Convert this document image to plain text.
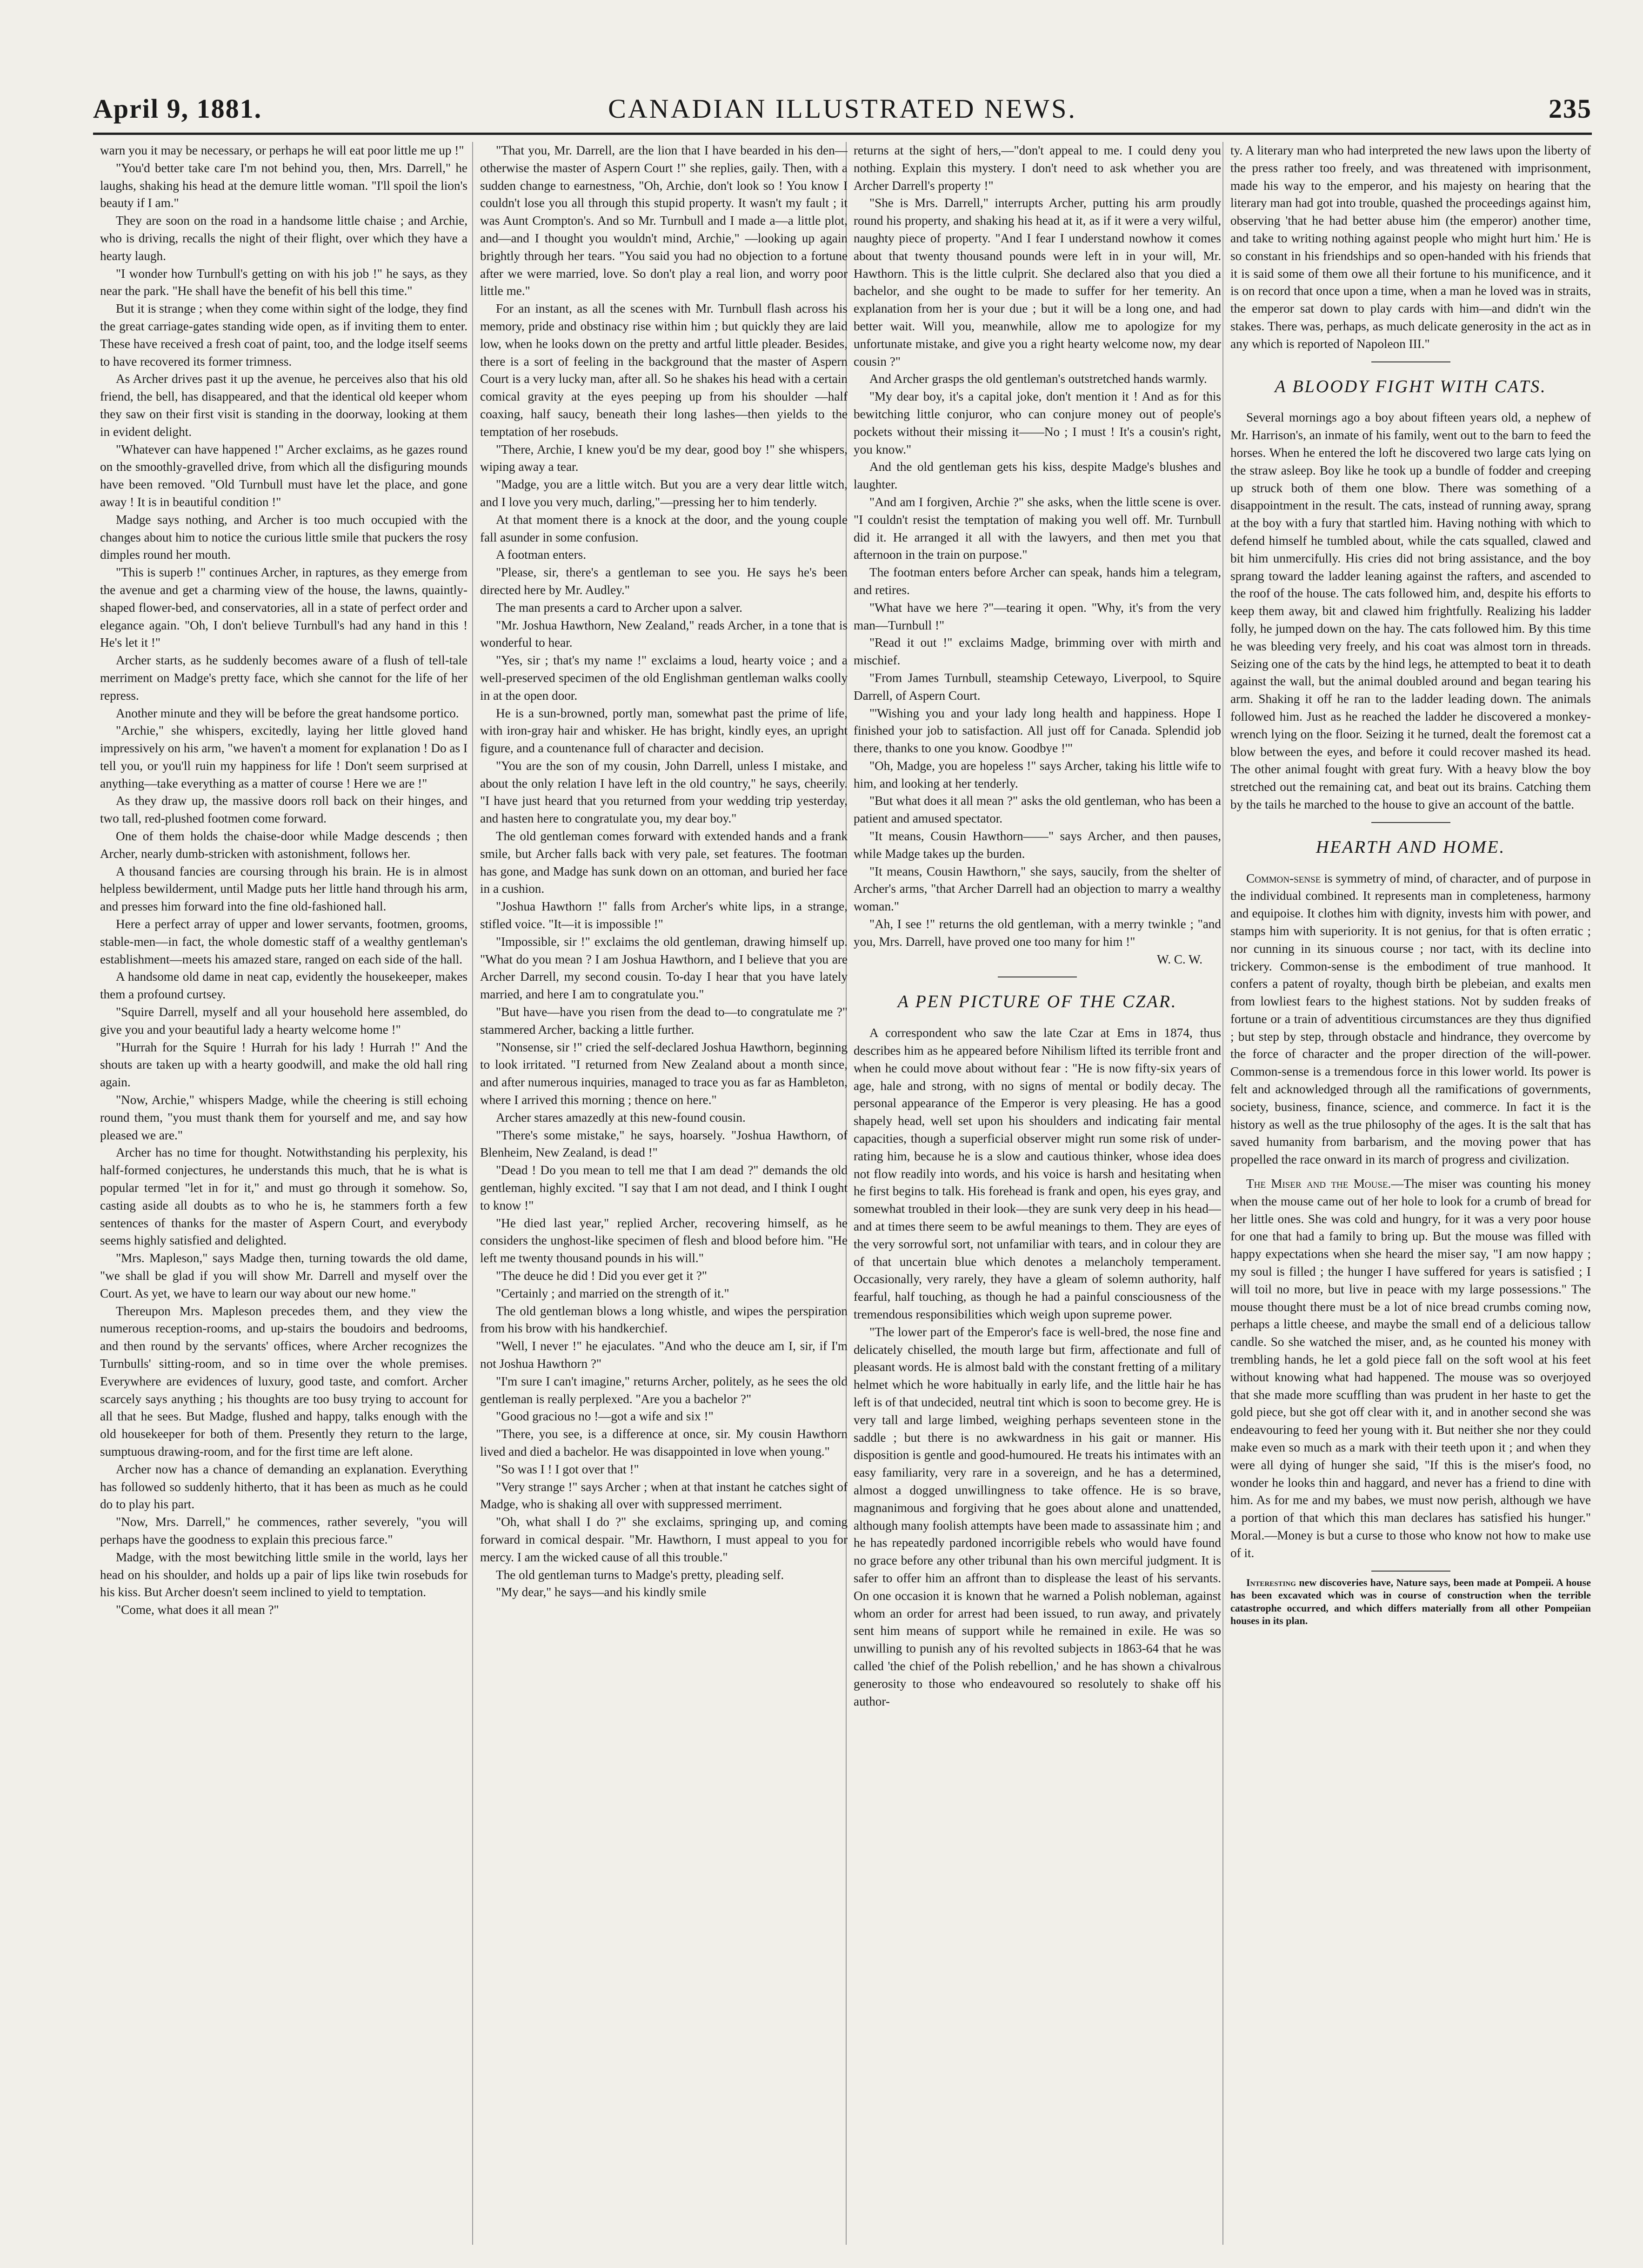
April 9, 1881.	CANADIAN ILLUSTRATED NEWS.	235

warn you it may be necessary, or perhaps he will eat poor little me up !"

"You'd better take care I'm not behind you, then, Mrs. Darrell," he laughs, shaking his head at the demure little woman. "I'll spoil the lion's beauty if I am."

They are soon on the road in a handsome little chaise ; and Archie, who is driving, recalls the night of their flight, over which they have a hearty laugh.

"I wonder how Turnbull's getting on with his job !" he says, as they near the park. "He shall have the benefit of his bell this time."

But it is strange ; when they come within sight of the lodge, they find the great carriage-gates standing wide open, as if inviting them to enter. These have received a fresh coat of paint, too, and the lodge itself seems to have recovered its former trimness.

As Archer drives past it up the avenue, he perceives also that his old friend, the bell, has disappeared, and that the identical old keeper whom they saw on their first visit is standing in the doorway, looking at them in evident delight.

"Whatever can have happened !" Archer exclaims, as he gazes round on the smoothly-gravelled drive, from which all the disfiguring mounds have been removed. "Old Turnbull must have let the place, and gone away ! It is in beautiful condition !"

Madge says nothing, and Archer is too much occupied with the changes about him to notice the curious little smile that puckers the rosy dimples round her mouth.

"This is superb !" continues Archer, in raptures, as they emerge from the avenue and get a charming view of the house, the lawns, quaintly-shaped flower-bed, and conservatories, all in a state of perfect order and elegance again. "Oh, I don't believe Turnbull's had any hand in this ! He's let it !"

Archer starts, as he suddenly becomes aware of a flush of tell-tale merriment on Madge's pretty face, which she cannot for the life of her repress.

Another minute and they will be before the great handsome portico.

"Archie," she whispers, excitedly, laying her little gloved hand impressively on his arm, "we haven't a moment for explanation ! Do as I tell you, or you'll ruin my happiness for life ! Don't seem surprised at anything—take everything as a matter of course ! Here we are !"

As they draw up, the massive doors roll back on their hinges, and two tall, red-plushed footmen come forward.

One of them holds the chaise-door while Madge descends ; then Archer, nearly dumb-stricken with astonishment, follows her.

A thousand fancies are coursing through his brain. He is in almost helpless bewilderment, until Madge puts her little hand through his arm, and presses him forward into the fine old-fashioned hall.

Here a perfect array of upper and lower servants, footmen, grooms, stable-men—in fact, the whole domestic staff of a wealthy gentleman's establishment—meets his amazed stare, ranged on each side of the hall.

A handsome old dame in neat cap, evidently the housekeeper, makes them a profound curtsey.

"Squire Darrell, myself and all your household here assembled, do give you and your beautiful lady a hearty welcome home !"

"Hurrah for the Squire ! Hurrah for his lady ! Hurrah !" And the shouts are taken up with a hearty goodwill, and make the old hall ring again.

"Now, Archie," whispers Madge, while the cheering is still echoing round them, "you must thank them for yourself and me, and say how pleased we are."

Archer has no time for thought. Notwithstanding his perplexity, his half-formed conjectures, he understands this much, that he is what is popular termed "let in for it," and must go through it somehow. So, casting aside all doubts as to who he is, he stammers forth a few sentences of thanks for the master of Aspern Court, and everybody seems highly satisfied and delighted.

"Mrs. Mapleson," says Madge then, turning towards the old dame, "we shall be glad if you will show Mr. Darrell and myself over the Court. As yet, we have to learn our way about our new home."

Thereupon Mrs. Mapleson precedes them, and they view the numerous reception-rooms, and up-stairs the boudoirs and bedrooms, and then round by the servants' offices, where Archer recognizes the Turnbulls' sitting-room, and so in time over the whole premises. Everywhere are evidences of luxury, good taste, and comfort. Archer scarcely says anything ; his thoughts are too busy trying to account for all that he sees. But Madge, flushed and happy, talks enough with the old housekeeper for both of them. Presently they return to the large, sumptuous drawing-room, and for the first time are left alone.

Archer now has a chance of demanding an explanation. Everything has followed so suddenly hitherto, that it has been as much as he could do to play his part.

"Now, Mrs. Darrell," he commences, rather severely, "you will perhaps have the goodness to explain this precious farce."

Madge, with the most bewitching little smile in the world, lays her head on his shoulder, and holds up a pair of lips like twin rosebuds for his kiss. But Archer doesn't seem inclined to yield to temptation.

"Come, what does it all mean ?"

"That you, Mr. Darrell, are the lion that I have bearded in his den—otherwise the master of Aspern Court !" she replies, gaily. Then, with a sudden change to earnestness, "Oh, Archie, don't look so ! You know I couldn't lose you all through this stupid property. It wasn't my fault ; it was Aunt Crompton's. And so Mr. Turnbull and I made a—a little plot, and—and I thought you wouldn't mind, Archie," —looking up again brightly through her tears. "You said you had no objection to a fortune after we were married, love. So don't play a real lion, and worry poor little me."

For an instant, as all the scenes with Mr. Turnbull flash across his memory, pride and obstinacy rise within him ; but quickly they are laid low, when he looks down on the pretty and artful little pleader. Besides, there is a sort of feeling in the background that the master of Aspern Court is a very lucky man, after all. So he shakes his head with a certain comical gravity at the eyes peeping up from his shoulder —half coaxing, half saucy, beneath their long lashes—then yields to the temptation of her rosebuds.

"There, Archie, I knew you'd be my dear, good boy !" she whispers, wiping away a tear.

"Madge, you are a little witch. But you are a very dear little witch, and I love you very much, darling,"—pressing her to him tenderly.

At that moment there is a knock at the door, and the young couple fall asunder in some confusion.

A footman enters.

"Please, sir, there's a gentleman to see you. He says he's been directed here by Mr. Audley."

The man presents a card to Archer upon a salver.

"Mr. Joshua Hawthorn, New Zealand," reads Archer, in a tone that is wonderful to hear.

"Yes, sir ; that's my name !" exclaims a loud, hearty voice ; and a well-preserved specimen of the old Englishman gentleman walks coolly in at the open door.

He is a sun-browned, portly man, somewhat past the prime of life, with iron-gray hair and whisker. He has bright, kindly eyes, an upright figure, and a countenance full of character and decision.

"You are the son of my cousin, John Darrell, unless I mistake, and about the only relation I have left in the old country," he says, cheerily. "I have just heard that you returned from your wedding trip yesterday, and hasten here to congratulate you, my dear boy."

The old gentleman comes forward with extended hands and a frank smile, but Archer falls back with very pale, set features. The footman has gone, and Madge has sunk down on an ottoman, and buried her face in a cushion.

"Joshua Hawthorn !" falls from Archer's white lips, in a strange, stifled voice. "It—it is impossible !"

"Impossible, sir !" exclaims the old gentleman, drawing himself up. "What do you mean ? I am Joshua Hawthorn, and I believe that you are Archer Darrell, my second cousin. To-day I hear that you have lately married, and here I am to congratulate you."

"But have—have you risen from the dead to—to congratulate me ?" stammered Archer, backing a little further.

"Nonsense, sir !" cried the self-declared Joshua Hawthorn, beginning to look irritated. "I returned from New Zealand about a month since, and after numerous inquiries, managed to trace you as far as Hambleton, where I arrived this morning ; thence on here."

Archer stares amazedly at this new-found cousin.

"There's some mistake," he says, hoarsely. "Joshua Hawthorn, of Blenheim, New Zealand, is dead !"

"Dead ! Do you mean to tell me that I am dead ?" demands the old gentleman, highly excited. "I say that I am not dead, and I think I ought to know !"

"He died last year," replied Archer, recovering himself, as he considers the unghost-like specimen of flesh and blood before him. "He left me twenty thousand pounds in his will."

"The deuce he did ! Did you ever get it ?"

"Certainly ; and married on the strength of it."

The old gentleman blows a long whistle, and wipes the perspiration from his brow with his handkerchief.

"Well, I never !" he ejaculates. "And who the deuce am I, sir, if I'm not Joshua Hawthorn ?"

"I'm sure I can't imagine," returns Archer, politely, as he sees the old gentleman is really perplexed. "Are you a bachelor ?"

"Good gracious no !—got a wife and six !"

"There, you see, is a difference at once, sir. My cousin Hawthorn lived and died a bachelor. He was disappointed in love when young."

"So was I ! I got over that !"

"Very strange !" says Archer ; when at that instant he catches sight of Madge, who is shaking all over with suppressed merriment.

"Oh, what shall I do ?" she exclaims, springing up, and coming forward in comical despair. "Mr. Hawthorn, I must appeal to you for mercy. I am the wicked cause of all this trouble."

The old gentleman turns to Madge's pretty, pleading self.

"My dear," he says—and his kindly smile

returns at the sight of hers,—"don't appeal to me. I could deny you nothing. Explain this mystery. I don't need to ask whether you are Archer Darrell's property !"

"She is Mrs. Darrell," interrupts Archer, putting his arm proudly round his property, and shaking his head at it, as if it were a very wilful, naughty piece of property. "And I fear I understand nowhow it comes about that twenty thousand pounds were left in in your will, Mr. Hawthorn. This is the little culprit. She declared also that you died a bachelor, and she ought to be made to suffer for her temerity. An explanation from her is your due ; but it will be a long one, and had better wait. Will you, meanwhile, allow me to apologize for my unfortunate mistake, and give you a right hearty welcome now, my dear cousin ?"

And Archer grasps the old gentleman's outstretched hands warmly.

"My dear boy, it's a capital joke, don't mention it ! And as for this bewitching little conjuror, who can conjure money out of people's pockets without their missing it——No ; I must ! It's a cousin's right, you know."

And the old gentleman gets his kiss, despite Madge's blushes and laughter.

"And am I forgiven, Archie ?" she asks, when the little scene is over. "I couldn't resist the temptation of making you well off. Mr. Turnbull did it. He arranged it all with the lawyers, and then met you that afternoon in the train on purpose."

The footman enters before Archer can speak, hands him a telegram, and retires.

"What have we here ?"—tearing it open. "Why, it's from the very man—Turnbull !"

"Read it out !" exclaims Madge, brimming over with mirth and mischief.

"From James Turnbull, steamship Cetewayo, Liverpool, to Squire Darrell, of Aspern Court.

"'Wishing you and your lady long health and happiness. Hope I finished your job to satisfaction. All just off for Canada. Splendid job there, thanks to one you know. Goodbye !'"

"Oh, Madge, you are hopeless !" says Archer, taking his little wife to him, and looking at her tenderly.

"But what does it all mean ?" asks the old gentleman, who has been a patient and amused spectator.

"It means, Cousin Hawthorn——" says Archer, and then pauses, while Madge takes up the burden.

"It means, Cousin Hawthorn," she says, saucily, from the shelter of Archer's arms, "that Archer Darrell had an objection to marry a wealthy woman."

"Ah, I see !" returns the old gentleman, with a merry twinkle ; "and you, Mrs. Darrell, have proved one too many for him !"

W. C. W.

A PEN PICTURE OF THE CZAR.

A correspondent who saw the late Czar at Ems in 1874, thus describes him as he appeared before Nihilism lifted its terrible front and when he could move about without fear : "He is now fifty-six years of age, hale and strong, with no signs of mental or bodily decay. The personal appearance of the Emperor is very pleasing. He has a good shapely head, well set upon his shoulders and indicating fair mental capacities, though a superficial observer might run some risk of under-rating him, because he is a slow and cautious thinker, whose idea does not flow readily into words, and his voice is harsh and hesitating when he first begins to talk. His forehead is frank and open, his eyes gray, and somewhat troubled in their look—they are sunk very deep in his head—and at times there seem to be awful meanings to them. They are eyes of the very sorrowful sort, not unfamiliar with tears, and in colour they are of that uncertain blue which denotes a melancholy temperament. Occasionally, very rarely, they have a gleam of solemn authority, half fearful, half touching, as though he had a painful consciousness of the tremendous responsibilities which weigh upon supreme power.

"The lower part of the Emperor's face is well-bred, the nose fine and delicately chiselled, the mouth large but firm, affectionate and full of pleasant words. He is almost bald with the constant fretting of a military helmet which he wore habitually in early life, and the little hair he has left is of that undecided, neutral tint which is soon to become grey. He is very tall and large limbed, weighing perhaps seventeen stone in the saddle ; but there is no awkwardness in his gait or manner. His disposition is gentle and good-humoured. He treats his intimates with an easy familiarity, very rare in a sovereign, and he has a determined, almost a dogged unwillingness to take offence. He is so brave, magnanimous and forgiving that he goes about alone and unattended, although many foolish attempts have been made to assassinate him ; and he has repeatedly pardoned incorrigible rebels who would have found no grace before any other tribunal than his own merciful judgment. It is safer to offer him an affront than to displease the least of his servants. On one occasion it is known that he warned a Polish nobleman, against whom an order for arrest had been issued, to run away, and privately sent him means of support while he remained in exile. He was so unwilling to punish any of his revolted subjects in 1863-64 that he was called 'the chief of the Polish rebellion,' and he has shown a chivalrous generosity to those who endeavoured so resolutely to shake off his author-

ty. A literary man who had interpreted the new laws upon the liberty of the press rather too freely, and was threatened with imprisonment, made his way to the emperor, and his majesty on hearing that the literary man had got into trouble, quashed the proceedings against him, observing 'that he had better abuse him (the emperor) another time, and take to writing nothing against people who might hurt him.' He is so constant in his friendships and so open-handed with his friends that it is said some of them owe all their fortune to his munificence, and it is on record that once upon a time, when a man he loved was in straits, the emperor sat down to play cards with him—and didn't win the stakes. There was, perhaps, as much delicate generosity in the act as in any which is reported of Napoleon III."

A BLOODY FIGHT WITH CATS.

Several mornings ago a boy about fifteen years old, a nephew of Mr. Harrison's, an inmate of his family, went out to the barn to feed the horses. When he entered the loft he discovered two large cats lying on the straw asleep. Boy like he took up a bundle of fodder and creeping up struck both of them one blow. There was something of a disappointment in the result. The cats, instead of running away, sprang at the boy with a fury that startled him. Having nothing with which to defend himself he tumbled about, while the cats squalled, clawed and bit him unmercifully. His cries did not bring assistance, and the boy sprang toward the ladder leaning against the rafters, and ascended to the roof of the house. The cats followed him, and, despite his efforts to keep them away, bit and clawed him frightfully. Realizing his ladder folly, he jumped down on the hay. The cats followed him. By this time he was bleeding very freely, and his coat was almost torn in threads. Seizing one of the cats by the hind legs, he attempted to beat it to death against the wall, but the animal doubled around and began tearing his arm. Shaking it off he ran to the ladder leading down. The animals followed him. Just as he reached the ladder he discovered a monkey-wrench lying on the floor. Seizing it he turned, dealt the foremost cat a blow between the eyes, and before it could recover mashed its head. The other animal fought with great fury. With a heavy blow the boy stretched out the remaining cat, and beat out its brains. Catching them by the tails he marched to the house to give an account of the battle.

HEARTH AND HOME.

Common-sense is symmetry of mind, of character, and of purpose in the individual combined. It represents man in completeness, harmony and equipoise. It clothes him with dignity, invests him with power, and stamps him with superiority. It is not genius, for that is often erratic ; nor cunning in its sinuous course ; nor tact, with its decline into trickery. Common-sense is the embodiment of true manhood. It confers a patent of royalty, though birth be plebeian, and exalts men from lowliest fears to the highest stations. Not by sudden freaks of fortune or a train of adventitious circumstances are they thus dignified ; but step by step, through obstacle and hindrance, they overcome by the force of character and the proper direction of the will-power. Common-sense is a tremendous force in this lower world. Its power is felt and acknowledged through all the ramifications of governments, society, business, finance, science, and commerce. In fact it is the history as well as the true philosophy of the ages. It is the salt that has saved humanity from barbarism, and the moving power that has propelled the race onward in its march of progress and civilization.

The Miser and the Mouse.—The miser was counting his money when the mouse came out of her hole to look for a crumb of bread for her little ones. She was cold and hungry, for it was a very poor house for one that had a family to bring up. But the mouse was filled with happy expectations when she heard the miser say, "I am now happy ; my soul is filled ; the hunger I have suffered for years is satisfied ; I will toil no more, but live in peace with my large possessions." The mouse thought there must be a lot of nice bread crumbs coming now, perhaps a little cheese, and maybe the small end of a delicious tallow candle. So she watched the miser, and, as he counted his money with trembling hands, he let a gold piece fall on the soft wool at his feet without knowing what had happened. The mouse was so overjoyed that she made more scuffling than was prudent in her haste to get the gold piece, but she got off clear with it, and in another second she was endeavouring to feed her young with it. But neither she nor they could make even so much as a mark with their teeth upon it ; and when they were all dying of hunger she said, "If this is the miser's food, no wonder he looks thin and haggard, and never has a friend to dine with him. As for me and my babes, we must now perish, although we have a portion of that which this man declares has satisfied his hunger." Moral.—Money is but a curse to those who know not how to make use of it.

Interesting new discoveries have, Nature says, been made at Pompeii. A house has been excavated which was in course of construction when the terrible catastrophe occurred, and which differs materially from all other Pompeiian houses in its plan.
